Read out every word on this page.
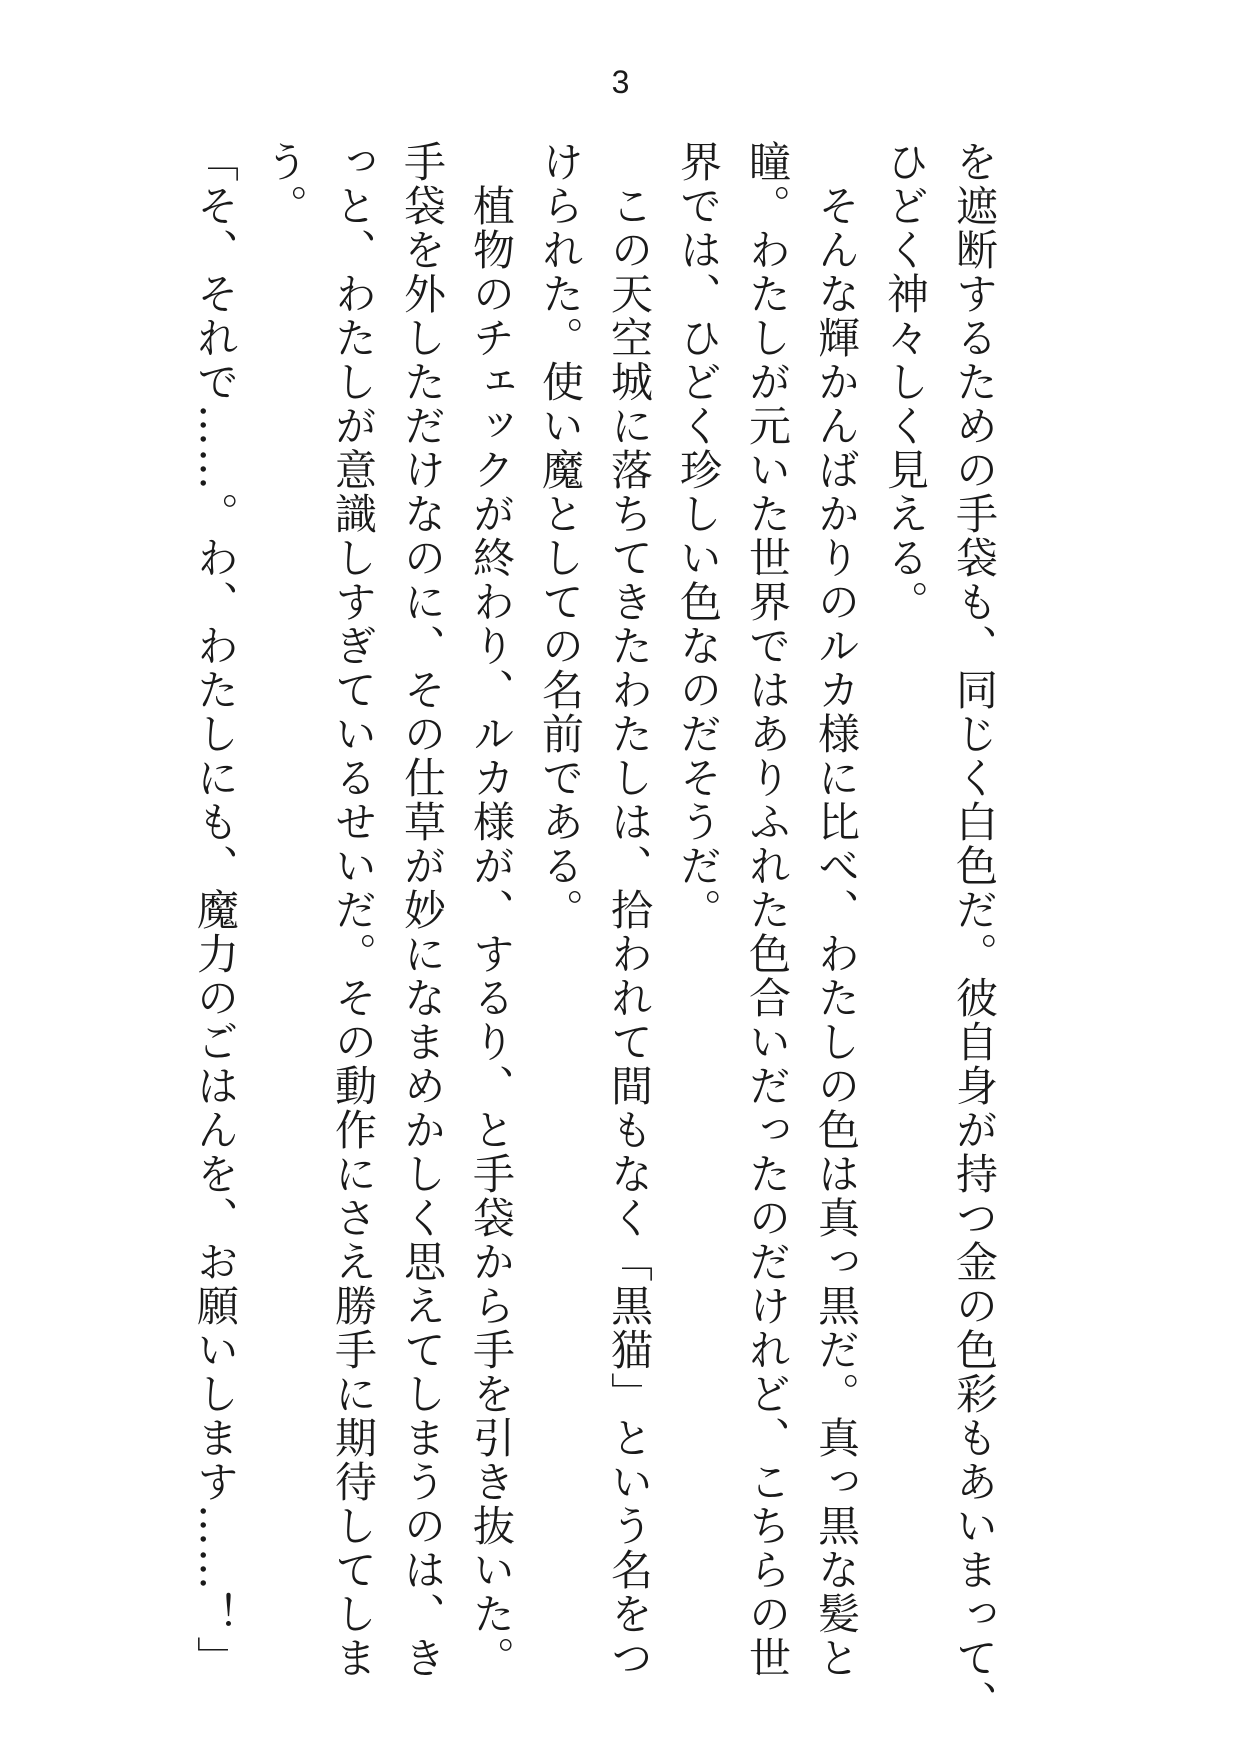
3

を遮断するための手袋も、同じく白色だ。彼自身が持つ金の色彩もあいまって、

ひどく神々しく見える。

　そんな輝かんばかりのルカ様に比べ、わたしの色は真っ黒だ。真っ黒な髪と

瞳。わたしが元いた世界ではありふれた色合いだったのだけれど、こちらの世

界では、ひどく珍しい色なのだそうだ。

　この天空城に落ちてきたわたしは、拾われて間もなく「黒猫」という名をつ

けられた。使い魔としての名前である。

　植物のチェックが終わり、ルカ様が、するり、と手袋から手を引き抜いた。

手袋を外しただけなのに、その仕草が妙になまめかしく思えてしまうのは、き

っと、わたしが意識しすぎているせいだ。その動作にさえ勝手に期待してしま

う。

「そ、それで……。わ、わたしにも、魔力のごはんを、お願いします……！」
